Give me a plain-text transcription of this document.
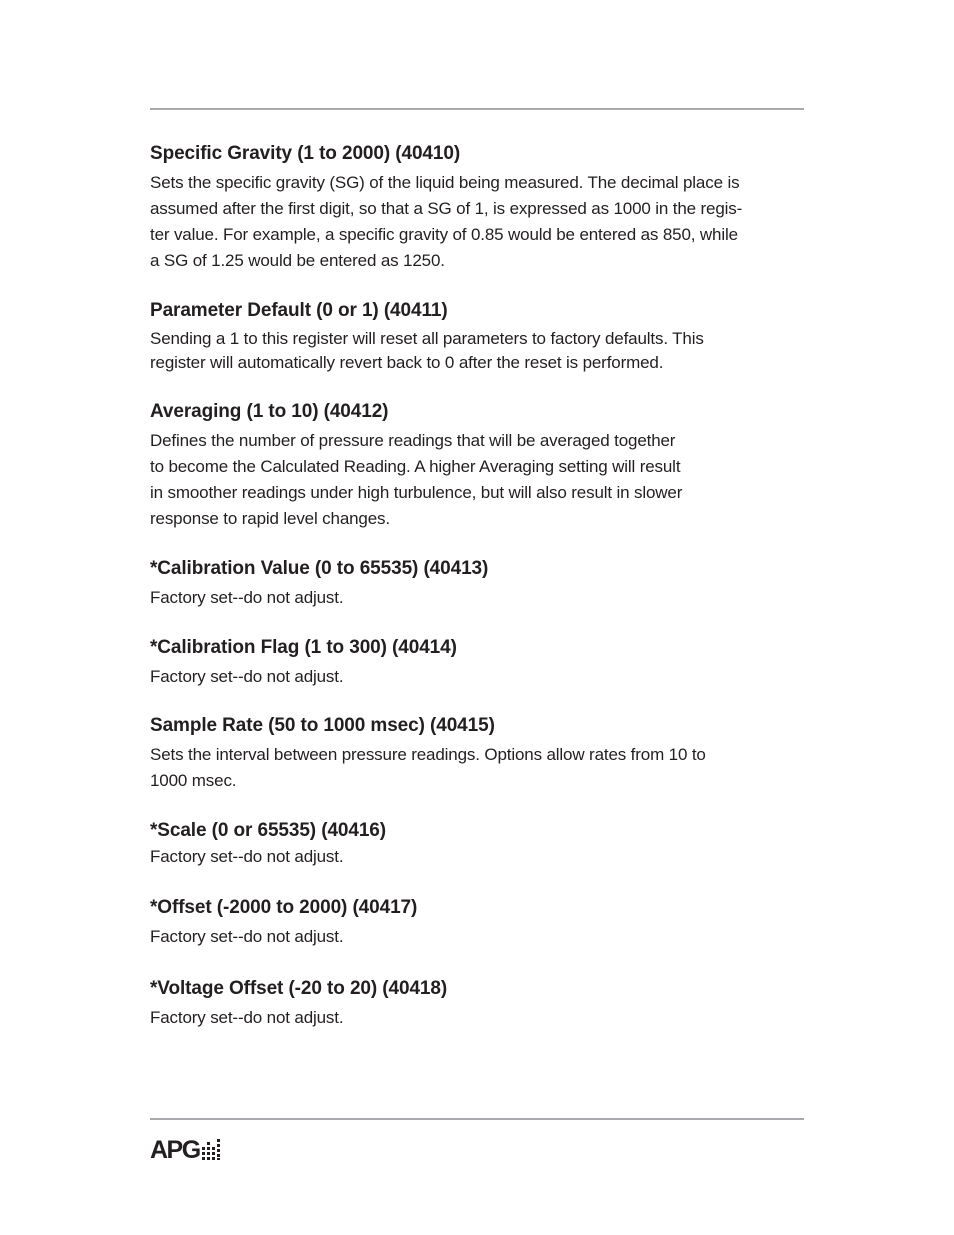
Specific Gravity (1 to 2000) (40410)

Sets the specific gravity (SG) of the liquid being measured. The decimal place is
assumed after the first digit, so that a SG of 1, is expressed as 1000 in the regis-
ter value. For example, a specific gravity of 0.85 would be entered as 850, while
a SG of 1.25 would be entered as 1250.

Parameter Default (0 or 1) (40411)

Sending a 1 to this register will reset all parameters to factory defaults. This
register will automatically revert back to 0 after the reset is performed.

Averaging (1 to 10) (40412)

Defines the number of pressure readings that will be averaged together
to become the Calculated Reading. A higher Averaging setting will result
in smoother readings under high turbulence, but will also result in slower
response to rapid level changes.

*Calibration Value (0 to 65535) (40413)

Factory set--do not adjust.

*Calibration Flag (1 to 300) (40414)

Factory set--do not adjust.

Sample Rate (50 to 1000 msec) (40415)

Sets the interval between pressure readings. Options allow rates from 10 to
1000 msec.

*Scale (0 or 65535) (40416)

Factory set--do not adjust.

*Offset (-2000 to 2000) (40417)

Factory set--do not adjust.

*Voltage Offset (-20 to 20) (40418)

Factory set--do not adjust.

APG
